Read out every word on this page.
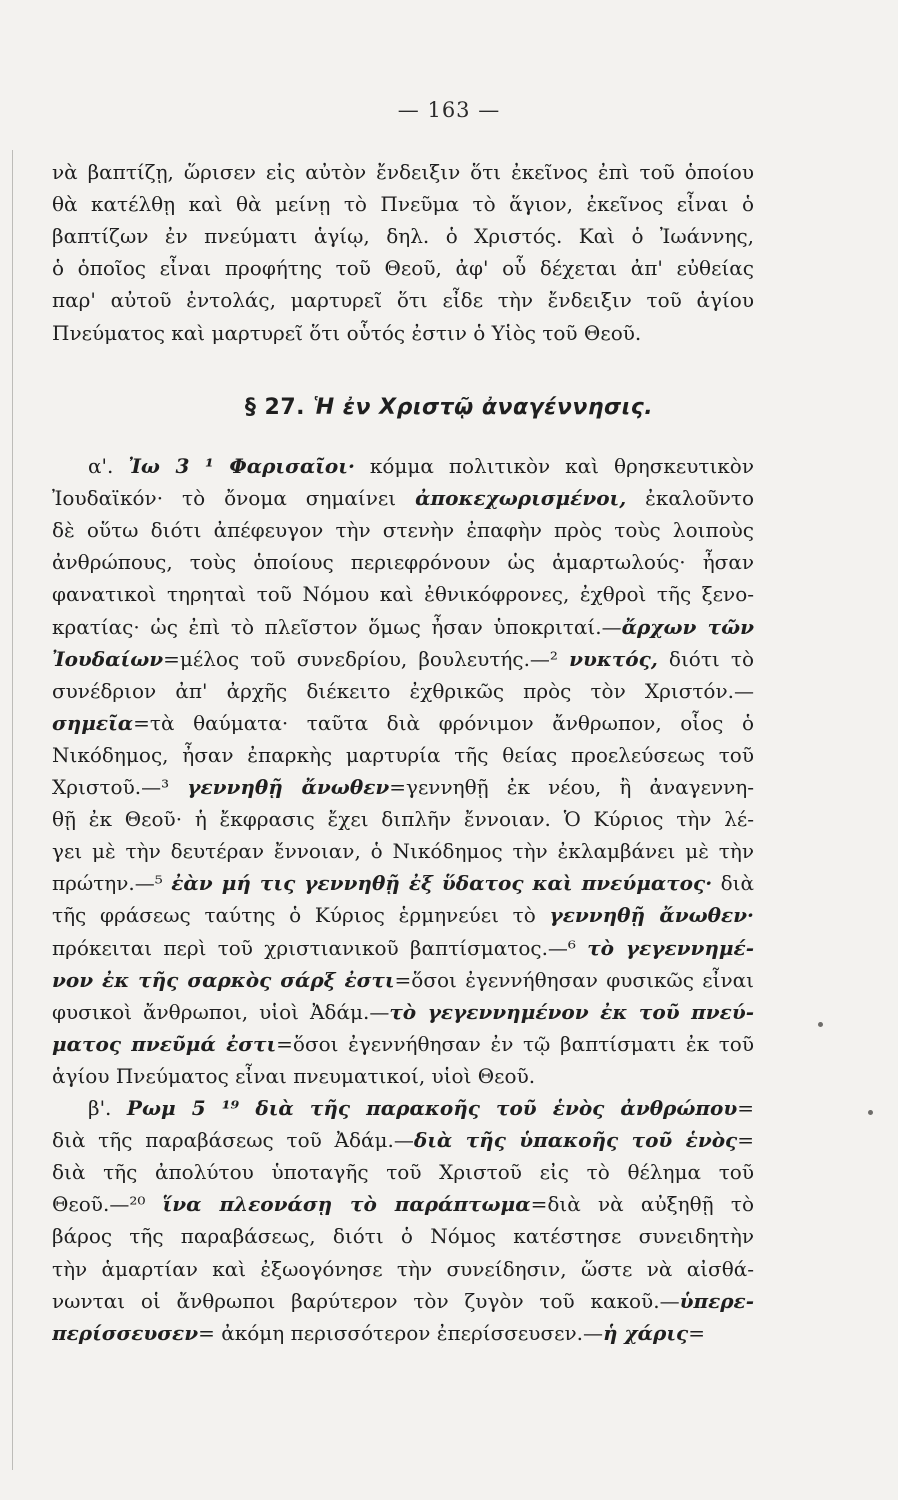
— 163 —
νὰ βαπτίζῃ, ὥρισεν εἰς αὐτὸν ἔνδειξιν ὅτι ἐκεῖνος ἐπὶ τοῦ ὁποίου
θὰ κατέλθῃ καὶ θὰ μείνῃ τὸ Πνεῦμα τὸ ἅγιον, ἐκεῖνος εἶναι ὁ
βαπτίζων ἐν πνεύματι ἁγίῳ, δηλ. ὁ Χριστός. Καὶ ὁ Ἰωάννης,
ὁ ὁποῖος εἶναι προφήτης τοῦ Θεοῦ, ἀφ' οὗ δέχεται ἀπ' εὐθείας
παρ' αὐτοῦ ἐντολάς, μαρτυρεῖ ὅτι εἶδε τὴν ἔνδειξιν τοῦ ἁγίου
Πνεύματος καὶ μαρτυρεῖ ὅτι οὗτός ἐστιν ὁ Υἱὸς τοῦ Θεοῦ.
α'. Ἰω 3 ¹ Φαρισαῖοι· κόμμα πολιτικὸν καὶ θρησκευτικὸν
Ἰουδαϊκόν· τὸ ὄνομα σημαίνει ἀποκεχωρισμένοι, ἐκαλοῦντο
δὲ οὕτω διότι ἀπέφευγον τὴν στενὴν ἐπαφὴν πρὸς τοὺς λοιποὺς
ἀνθρώπους, τοὺς ὁποίους περιεφρόνουν ὡς ἁμαρτωλούς· ἦσαν
φανατικοὶ τηρηταὶ τοῦ Νόμου καὶ ἐθνικόφρονες, ἐχθροὶ τῆς ξενο-
κρατίας· ὡς ἐπὶ τὸ πλεῖστον ὅμως ἦσαν ὑποκριταί.—ἄρχων τῶν
Ἰουδαίων=μέλος τοῦ συνεδρίου, βουλευτής.—² νυκτός, διότι τὸ
συνέδριον ἀπ' ἀρχῆς διέκειτο ἐχθρικῶς πρὸς τὸν Χριστόν.—
σημεῖα=τὰ θαύματα· ταῦτα διὰ φρόνιμον ἄνθρωπον, οἷος ὁ
Νικόδημος, ἦσαν ἐπαρκὴς μαρτυρία τῆς θείας προελεύσεως τοῦ
Χριστοῦ.—³ γεννηθῇ ἄνωθεν=γεννηθῇ ἐκ νέου, ἢ ἀναγεννη-
θῇ ἐκ Θεοῦ· ἡ ἔκφρασις ἔχει διπλῆν ἔννοιαν. Ὁ Κύριος τὴν λέ-
γει μὲ τὴν δευτέραν ἔννοιαν, ὁ Νικόδημος τὴν ἐκλαμβάνει μὲ τὴν
πρώτην.—⁵ ἐὰν μή τις γεννηθῇ ἐξ ὕδατος καὶ πνεύματος· διὰ
τῆς φράσεως ταύτης ὁ Κύριος ἑρμηνεύει τὸ γεννηθῇ ἄνωθεν·
πρόκειται περὶ τοῦ χριστιανικοῦ βαπτίσματος.—⁶ τὸ γεγεννημέ-
νον ἐκ τῆς σαρκὸς σάρξ ἐστι=ὅσοι ἐγεννήθησαν φυσικῶς εἶναι
φυσικοὶ ἄνθρωποι, υἱοὶ Ἀδάμ.—τὸ γεγεννημένον ἐκ τοῦ πνεύ-
ματος πνεῦμά ἐστι=ὅσοι ἐγεννήθησαν ἐν τῷ βαπτίσματι ἐκ τοῦ
ἁγίου Πνεύματος εἶναι πνευματικοί, υἱοὶ Θεοῦ.
β'. Ρωμ 5 ¹⁹ διὰ τῆς παρακοῆς τοῦ ἑνὸς ἀνθρώπου=
διὰ τῆς παραβάσεως τοῦ Ἀδάμ.—διὰ τῆς ὑπακοῆς τοῦ ἑνὸς=
διὰ τῆς ἀπολύτου ὑποταγῆς τοῦ Χριστοῦ εἰς τὸ θέλημα τοῦ
Θεοῦ.—²⁰ ἵνα πλεονάσῃ τὸ παράπτωμα=διὰ νὰ αὐξηθῇ τὸ
βάρος τῆς παραβάσεως, διότι ὁ Νόμος κατέστησε συνειδητὴν
τὴν ἁμαρτίαν καὶ ἐξωογόνησε τὴν συνείδησιν, ὥστε νὰ αἰσθά-
νωνται οἱ ἄνθρωποι βαρύτερον τὸν ζυγὸν τοῦ κακοῦ.—ὑπερε-
περίσσευσεν= ἀκόμη περισσότερον ἐπερίσσευσεν.—ἡ χάρις=
§ 27. Ἡ ἐν Χριστῷ ἀναγέννησις.
